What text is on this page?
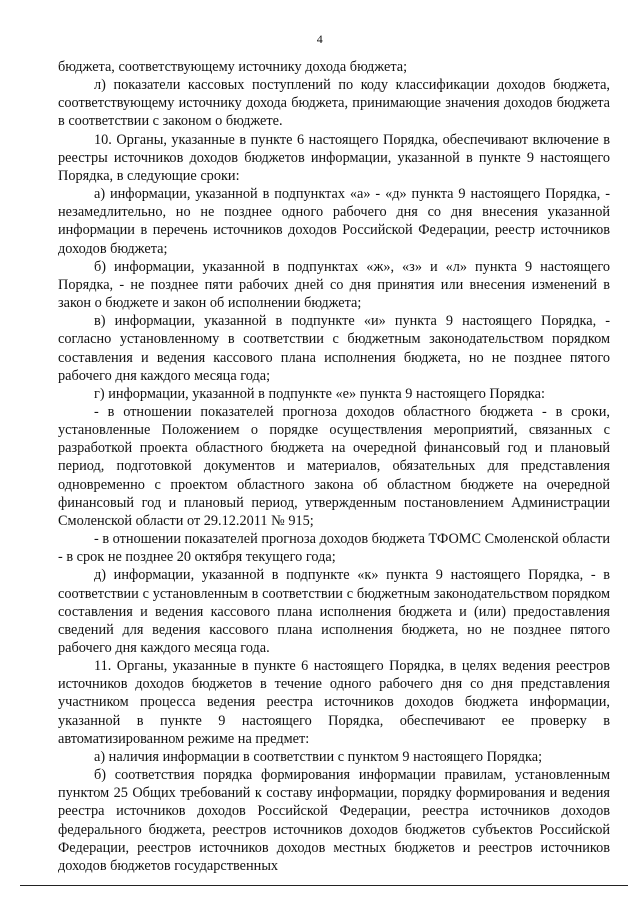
4

бюджета, соответствующему источнику дохода бюджета;

л) показатели кассовых поступлений по коду классификации доходов бюджета, соответствующему источнику дохода бюджета, принимающие значения доходов бюджета в соответствии с законом о бюджете.

10. Органы, указанные в пункте 6 настоящего Порядка, обеспечивают включение в реестры источников доходов бюджетов информации, указанной в пункте 9 настоящего Порядка, в следующие сроки:

а) информации, указанной в подпунктах «а» - «д» пункта 9 настоящего Порядка, - незамедлительно, но не позднее одного рабочего дня со дня внесения указанной информации в перечень источников доходов Российской Федерации, реестр источников доходов бюджета;

б) информации, указанной в подпунктах «ж», «з» и «л» пункта 9 настоящего Порядка, - не позднее пяти рабочих дней со дня принятия или внесения изменений в закон о бюджете и закон об исполнении бюджета;

в) информации, указанной в подпункте «и» пункта 9 настоящего Порядка, - согласно установленному в соответствии с бюджетным законодательством порядком составления и ведения кассового плана исполнения бюджета, но не позднее пятого рабочего дня каждого месяца года;

г) информации, указанной в подпункте «е» пункта 9 настоящего Порядка:

- в отношении показателей прогноза доходов областного бюджета - в сроки, установленные Положением о порядке осуществления мероприятий, связанных с разработкой проекта областного бюджета на очередной финансовый год и плановый период, подготовкой документов и материалов, обязательных для представления одновременно с проектом областного закона об областном бюджете на очередной финансовый год и плановый период, утвержденным постановлением Администрации Смоленской области от 29.12.2011 № 915;

- в отношении показателей прогноза доходов бюджета ТФОМС Смоленской области - в срок не позднее 20 октября текущего года;

д) информации, указанной в подпункте «к» пункта 9 настоящего Порядка, - в соответствии с установленным в соответствии с бюджетным законодательством порядком составления и ведения кассового плана исполнения бюджета и (или) предоставления сведений для ведения кассового плана исполнения бюджета, но не позднее пятого рабочего дня каждого месяца года.

11. Органы, указанные в пункте 6 настоящего Порядка, в целях ведения реестров источников доходов бюджетов в течение одного рабочего дня со дня представления участником процесса ведения реестра источников доходов бюджета информации, указанной в пункте 9 настоящего Порядка, обеспечивают ее проверку в автоматизированном режиме на предмет:

а) наличия информации в соответствии с пунктом 9 настоящего Порядка;

б) соответствия порядка формирования информации правилам, установленным пунктом 25 Общих требований к составу информации, порядку формирования и ведения реестра источников доходов Российской Федерации, реестра источников доходов федерального бюджета, реестров источников доходов бюджетов субъектов Российской Федерации, реестров источников доходов местных бюджетов и реестров источников доходов бюджетов государственных
